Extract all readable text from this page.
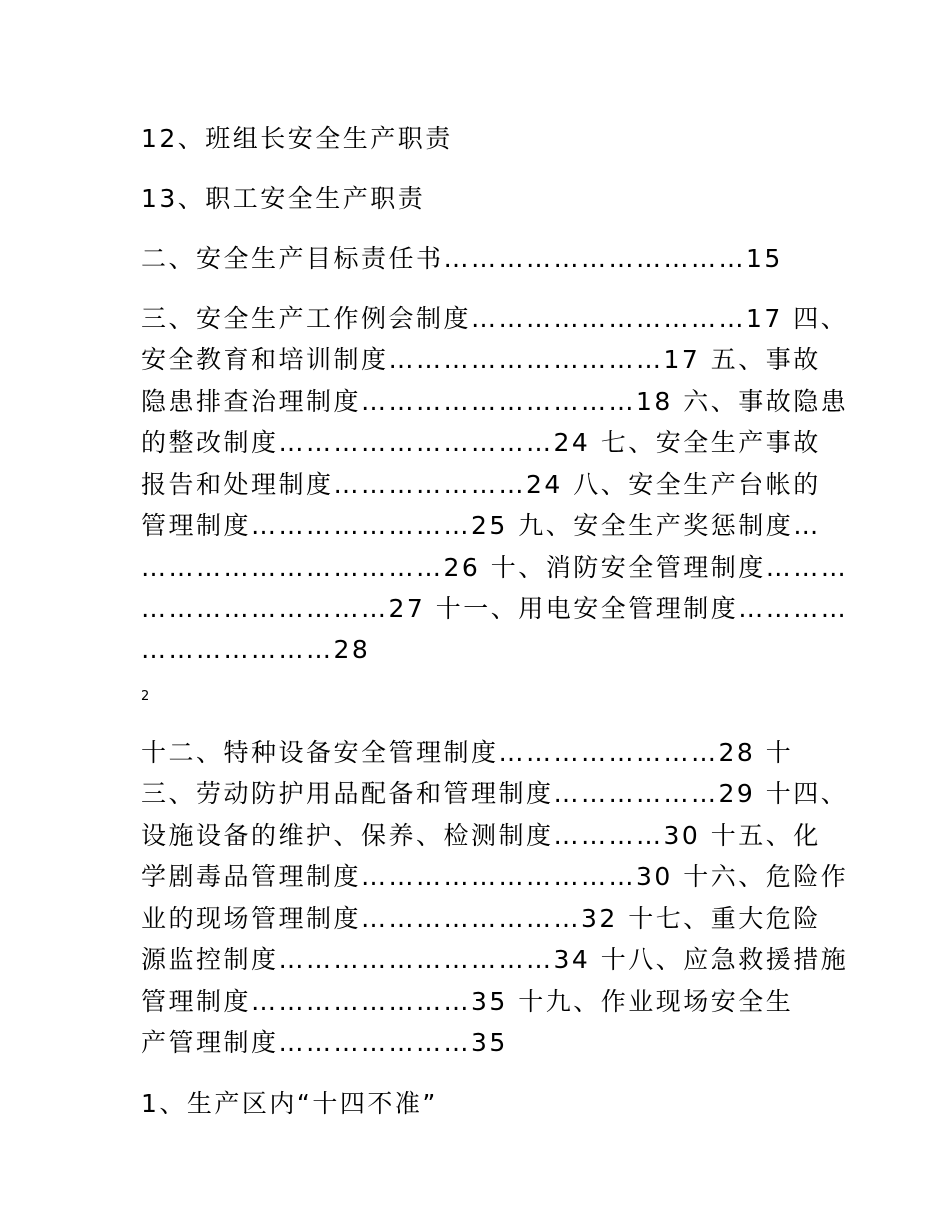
12、班组长安全生产职责

13、职工安全生产职责

二、安全生产目标责任书……………………………15

三、安全生产工作例会制度…………………………17 四、

安全教育和培训制度…………………………17 五、事故

隐患排查治理制度…………………………18 六、事故隐患

的整改制度…………………………24 七、安全生产事故

报告和处理制度…………………24 八、安全生产台帐的

管理制度……………………25 九、安全生产奖惩制度…

……………………………26 十、消防安全管理制度………

………………………27 十一、用电安全管理制度…………

…………………28

2

十二、特种设备安全管理制度……………………28 十

三、劳动防护用品配备和管理制度………………29 十四、

设施设备的维护、保养、检测制度…………30 十五、化

学剧毒品管理制度…………………………30 十六、危险作

业的现场管理制度……………………32 十七、重大危险

源监控制度…………………………34 十八、应急救援措施

管理制度……………………35 十九、作业现场安全生

产管理制度…………………35

1、生产区内“十四不准”
